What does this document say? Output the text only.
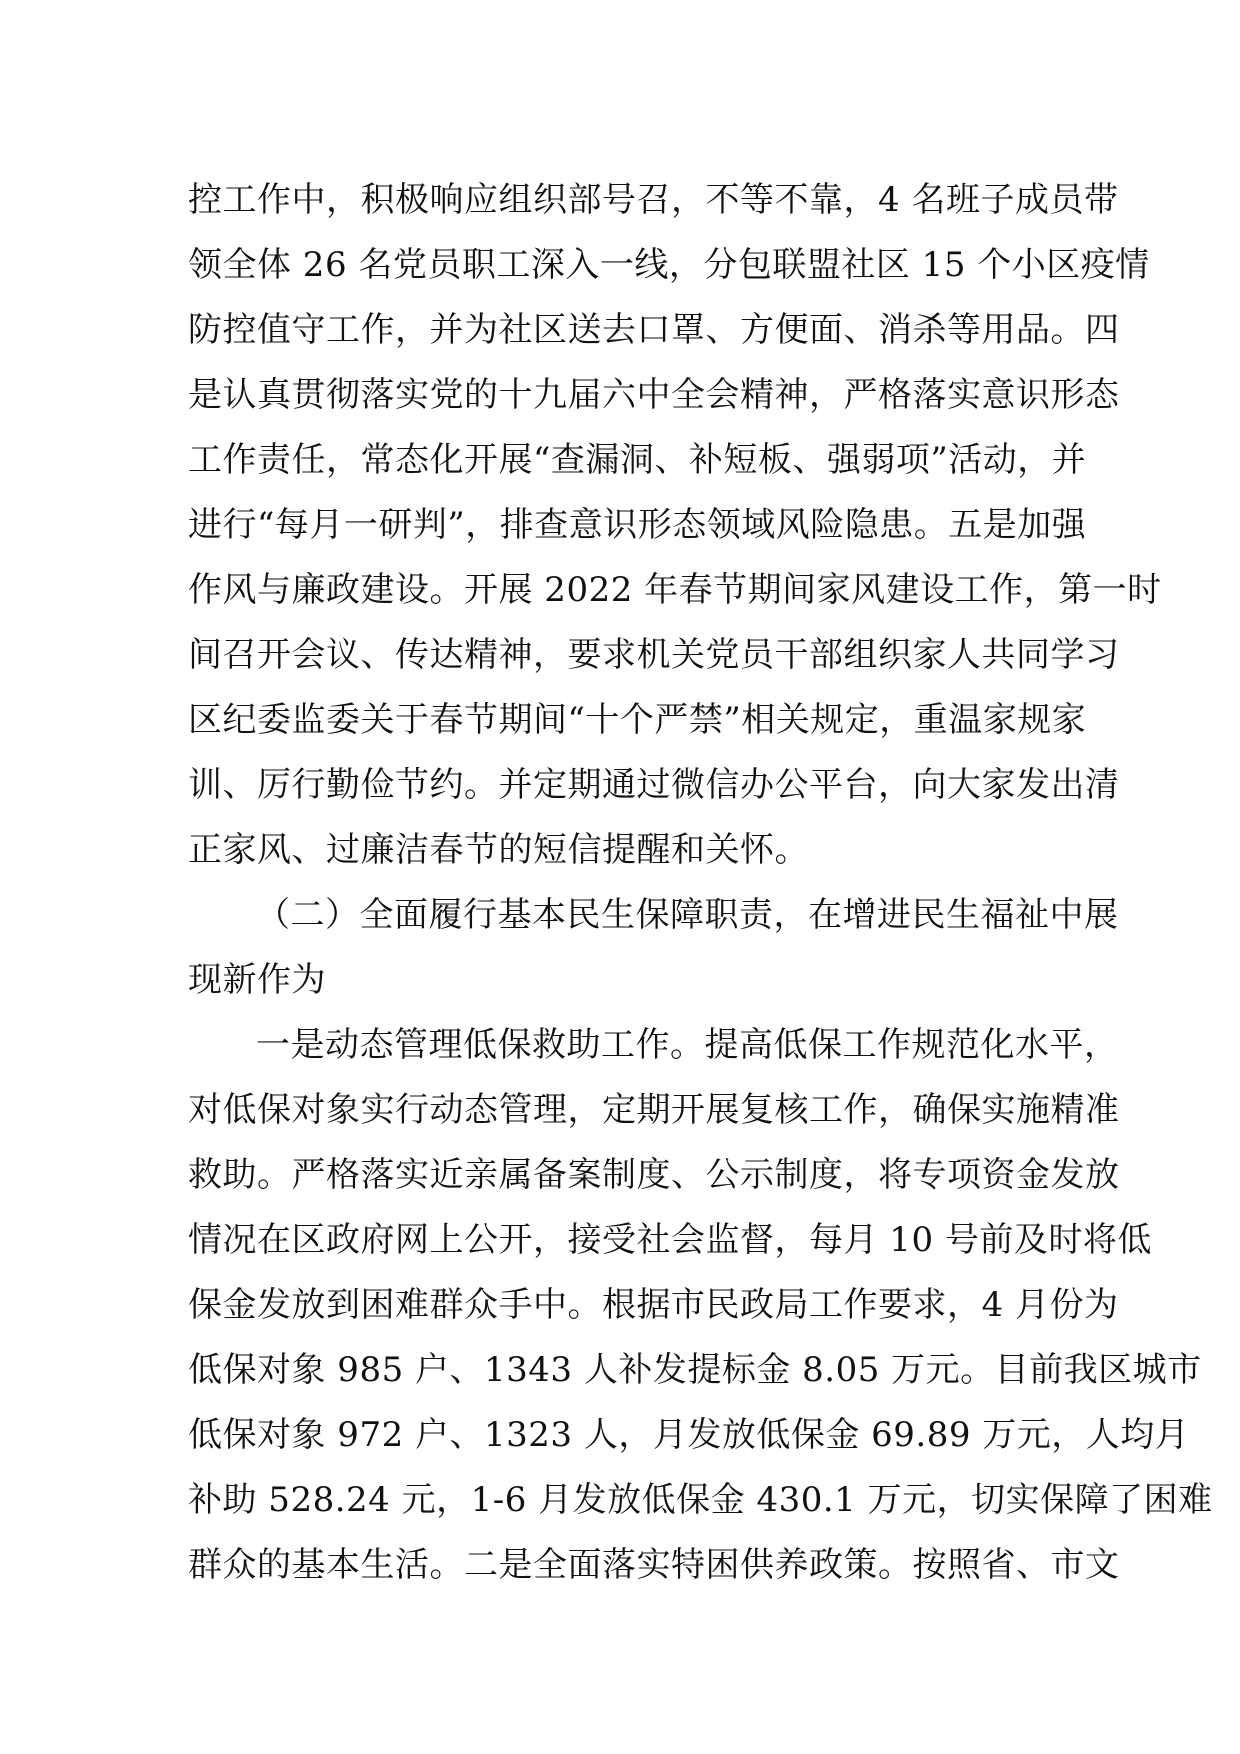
控工作中，积极响应组织部号召，不等不靠，4 名班子成员带
领全体 26 名党员职工深入一线，分包联盟社区 15 个小区疫情
防控值守工作，并为社区送去口罩、方便面、消杀等用品。四
是认真贯彻落实党的十九届六中全会精神，严格落实意识形态
工作责任，常态化开展“查漏洞、补短板、强弱项”活动，并
进行“每月一研判”，排查意识形态领域风险隐患。五是加强
作风与廉政建设。开展 2022 年春节期间家风建设工作，第一时
间召开会议、传达精神，要求机关党员干部组织家人共同学习
区纪委监委关于春节期间“十个严禁”相关规定，重温家规家
训、厉行勤俭节约。并定期通过微信办公平台，向大家发出清
正家风、过廉洁春节的短信提醒和关怀。
（二）全面履行基本民生保障职责，在增进民生福祉中展
现新作为
一是动态管理低保救助工作。提高低保工作规范化水平，
对低保对象实行动态管理，定期开展复核工作，确保实施精准
救助。严格落实近亲属备案制度、公示制度，将专项资金发放
情况在区政府网上公开，接受社会监督，每月 10 号前及时将低
保金发放到困难群众手中。根据市民政局工作要求，4 月份为
低保对象 985 户、1343 人补发提标金 8.05 万元。目前我区城市
低保对象 972 户、1323 人，月发放低保金 69.89 万元，人均月
补助 528.24 元，1-6 月发放低保金 430.1 万元，切实保障了困难
群众的基本生活。二是全面落实特困供养政策。按照省、市文
